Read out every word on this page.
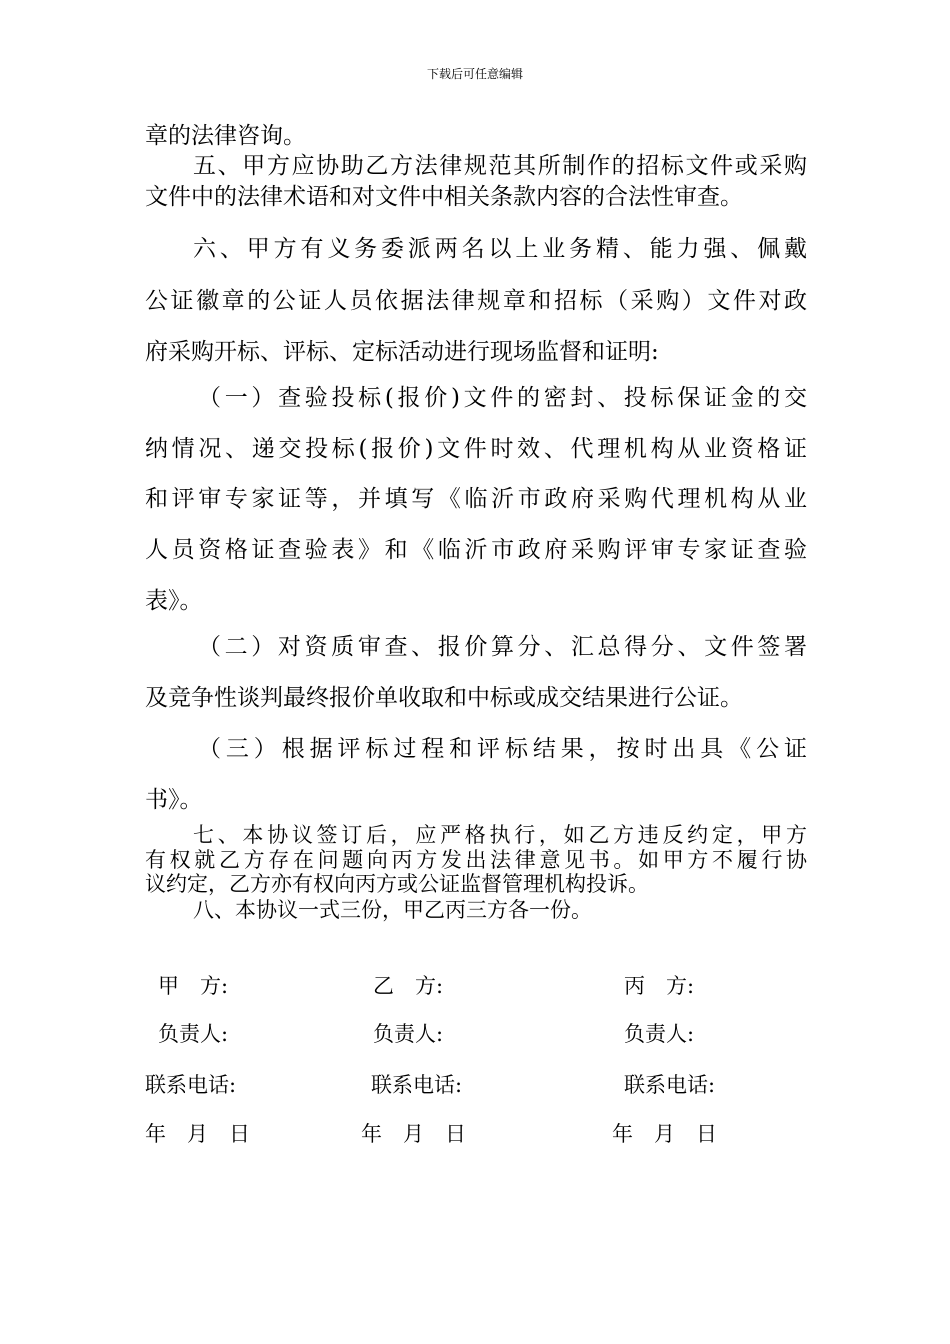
下载后可任意编辑
章的法律咨询。
五、甲方应协助乙方法律规范其所制作的招标文件或采购
文件中的法律术语和对文件中相关条款内容的合法性审查。
六、甲方有义务委派两名以上业务精、能力强、佩戴
公证徽章的公证人员依据法律规章和招标（采购）文件对政
府采购开标、评标、定标活动进行现场监督和证明:
（一）查验投标(报价)文件的密封、投标保证金的交
纳情况、递交投标(报价)文件时效、代理机构从业资格证
和评审专家证等，并填写《临沂市政府采购代理机构从业
人员资格证查验表》和《临沂市政府采购评审专家证查验
表》。
（二）对资质审查、报价算分、汇总得分、文件签署
及竞争性谈判最终报价单收取和中标或成交结果进行公证。
（三）根据评标过程和评标结果，按时出具《公证
书》。
七、本协议签订后，应严格执行，如乙方违反约定，甲方
有权就乙方存在问题向丙方发出法律意见书。如甲方不履行协
议约定，乙方亦有权向丙方或公证监督管理机构投诉。
八、本协议一式三份，甲乙丙三方各一份。
甲　方:
负责人:
联系电话:
年　月　日
乙　方:
负责人:
联系电话:
年　月　日
丙　方:
负责人:
联系电话:
年　月　日
